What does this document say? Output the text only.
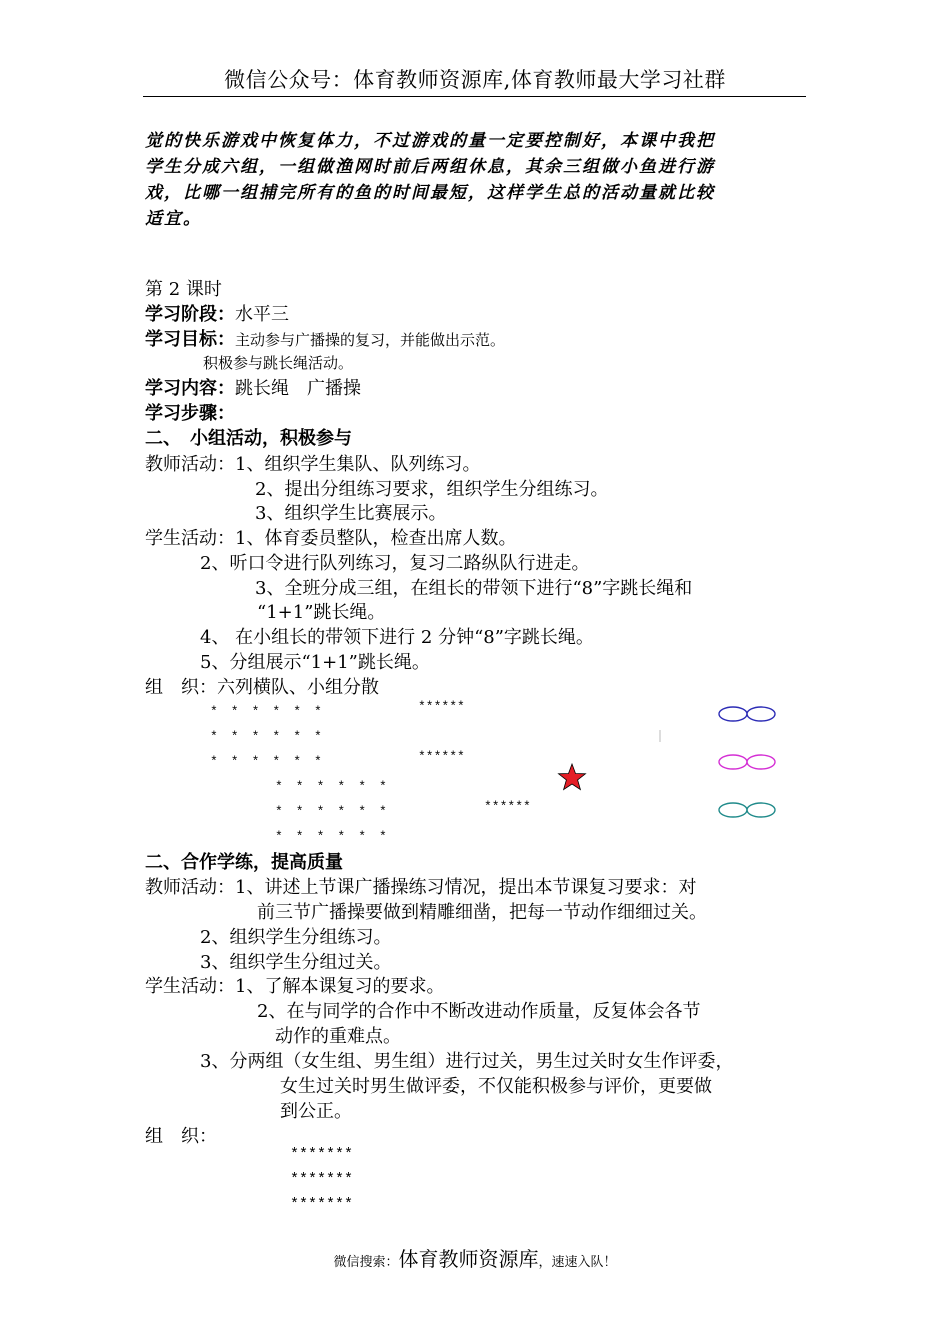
微信公众号：体育教师资源库,体育教师最大学习社群
觉的快乐游戏中恢复体力，不过游戏的量一定要控制好，本课中我把
学生分成六组，一组做渔网时前后两组休息，其余三组做小鱼进行游
戏，比哪一组捕完所有的鱼的时间最短，这样学生总的活动量就比较
适宜。
第 2 课时
学习阶段：水平三
学习目标：主动参与广播操的复习，并能做出示范。
积极参与跳长绳活动。
学习内容：跳长绳　广播操
学习步骤：
二、　小组活动，积极参与
教师活动：1、组织学生集队、队列练习。
2、提出分组练习要求，组织学生分组练习。
3、组织学生比赛展示。
学生活动：1、体育委员整队，检查出席人数。
2、听口令进行队列练习，复习二路纵队行进走。
3、全班分成三组，在组长的带领下进行“8”字跳长绳和
“1+1”跳长绳。
4、 在小组长的带领下进行 2 分钟“8”字跳长绳。
5、分组展示“1+1”跳长绳。
组　织：六列横队、小组分散
*　*　*　*　*　*
*　*　*　*　*　*
*　*　*　*　*　*
*　*　*　*　*　*
*　*　*　*　*　*
*　*　*　*　*　*
******
******
******
二、合作学练，提高质量
教师活动：1、讲述上节课广播操练习情况，提出本节课复习要求：对
前三节广播操要做到精雕细凿，把每一节动作细细过关。
2、组织学生分组练习。
3、组织学生分组过关。
学生活动：1、了解本课复习的要求。
2、在与同学的合作中不断改进动作质量，反复体会各节
动作的重难点。
3、分两组（女生组、男生组）进行过关，男生过关时女生作评委，
女生过关时男生做评委，不仅能积极参与评价，更要做
到公正。
组　织：
*******
*******
*******
微信搜索：体育教师资源库，速速入队！
